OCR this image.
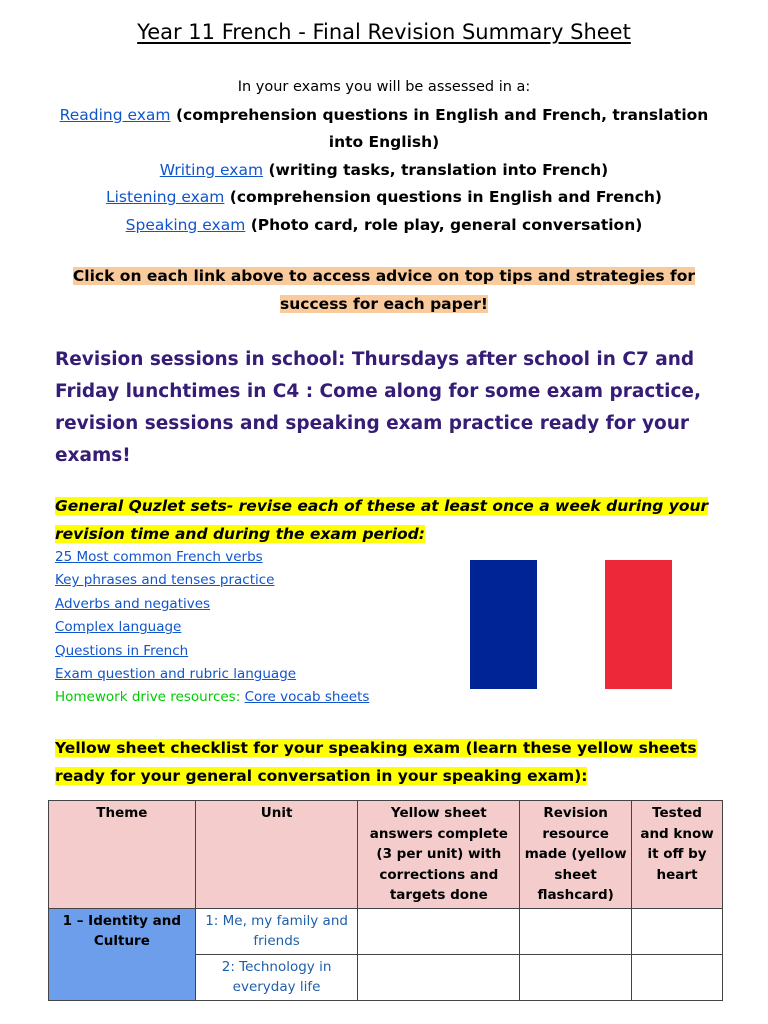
Year 11 French - Final Revision Summary Sheet
In your exams you will be assessed in a:
Reading exam (comprehension questions in English and French, translation into English)
Writing exam (writing tasks, translation into French)
Listening exam (comprehension questions in English and French)
Speaking exam (Photo card, role play, general conversation)
Click on each link above to access advice on top tips and strategies for success for each paper!
Revision sessions in school: Thursdays after school in C7 and Friday lunchtimes in C4 : Come along for some exam practice, revision sessions and speaking exam practice ready for your exams!
General Quzlet sets- revise each of these at least once a week during your revision time and during the exam period:
25 Most common French verbs
Key phrases and tenses practice
Adverbs and negatives
Complex language
Questions in French
Exam question and rubric language
Homework drive resources: Core vocab sheets
Yellow sheet checklist for your speaking exam (learn these yellow sheets ready for your general conversation in your speaking exam):
Theme	Unit	Yellow sheet answers complete (3 per unit) with corrections and targets done	Revision resource made (yellow sheet flashcard)	Tested and know it off by heart
1 – Identity and Culture	1: Me, my family and friends			
	2: Technology in everyday life			
